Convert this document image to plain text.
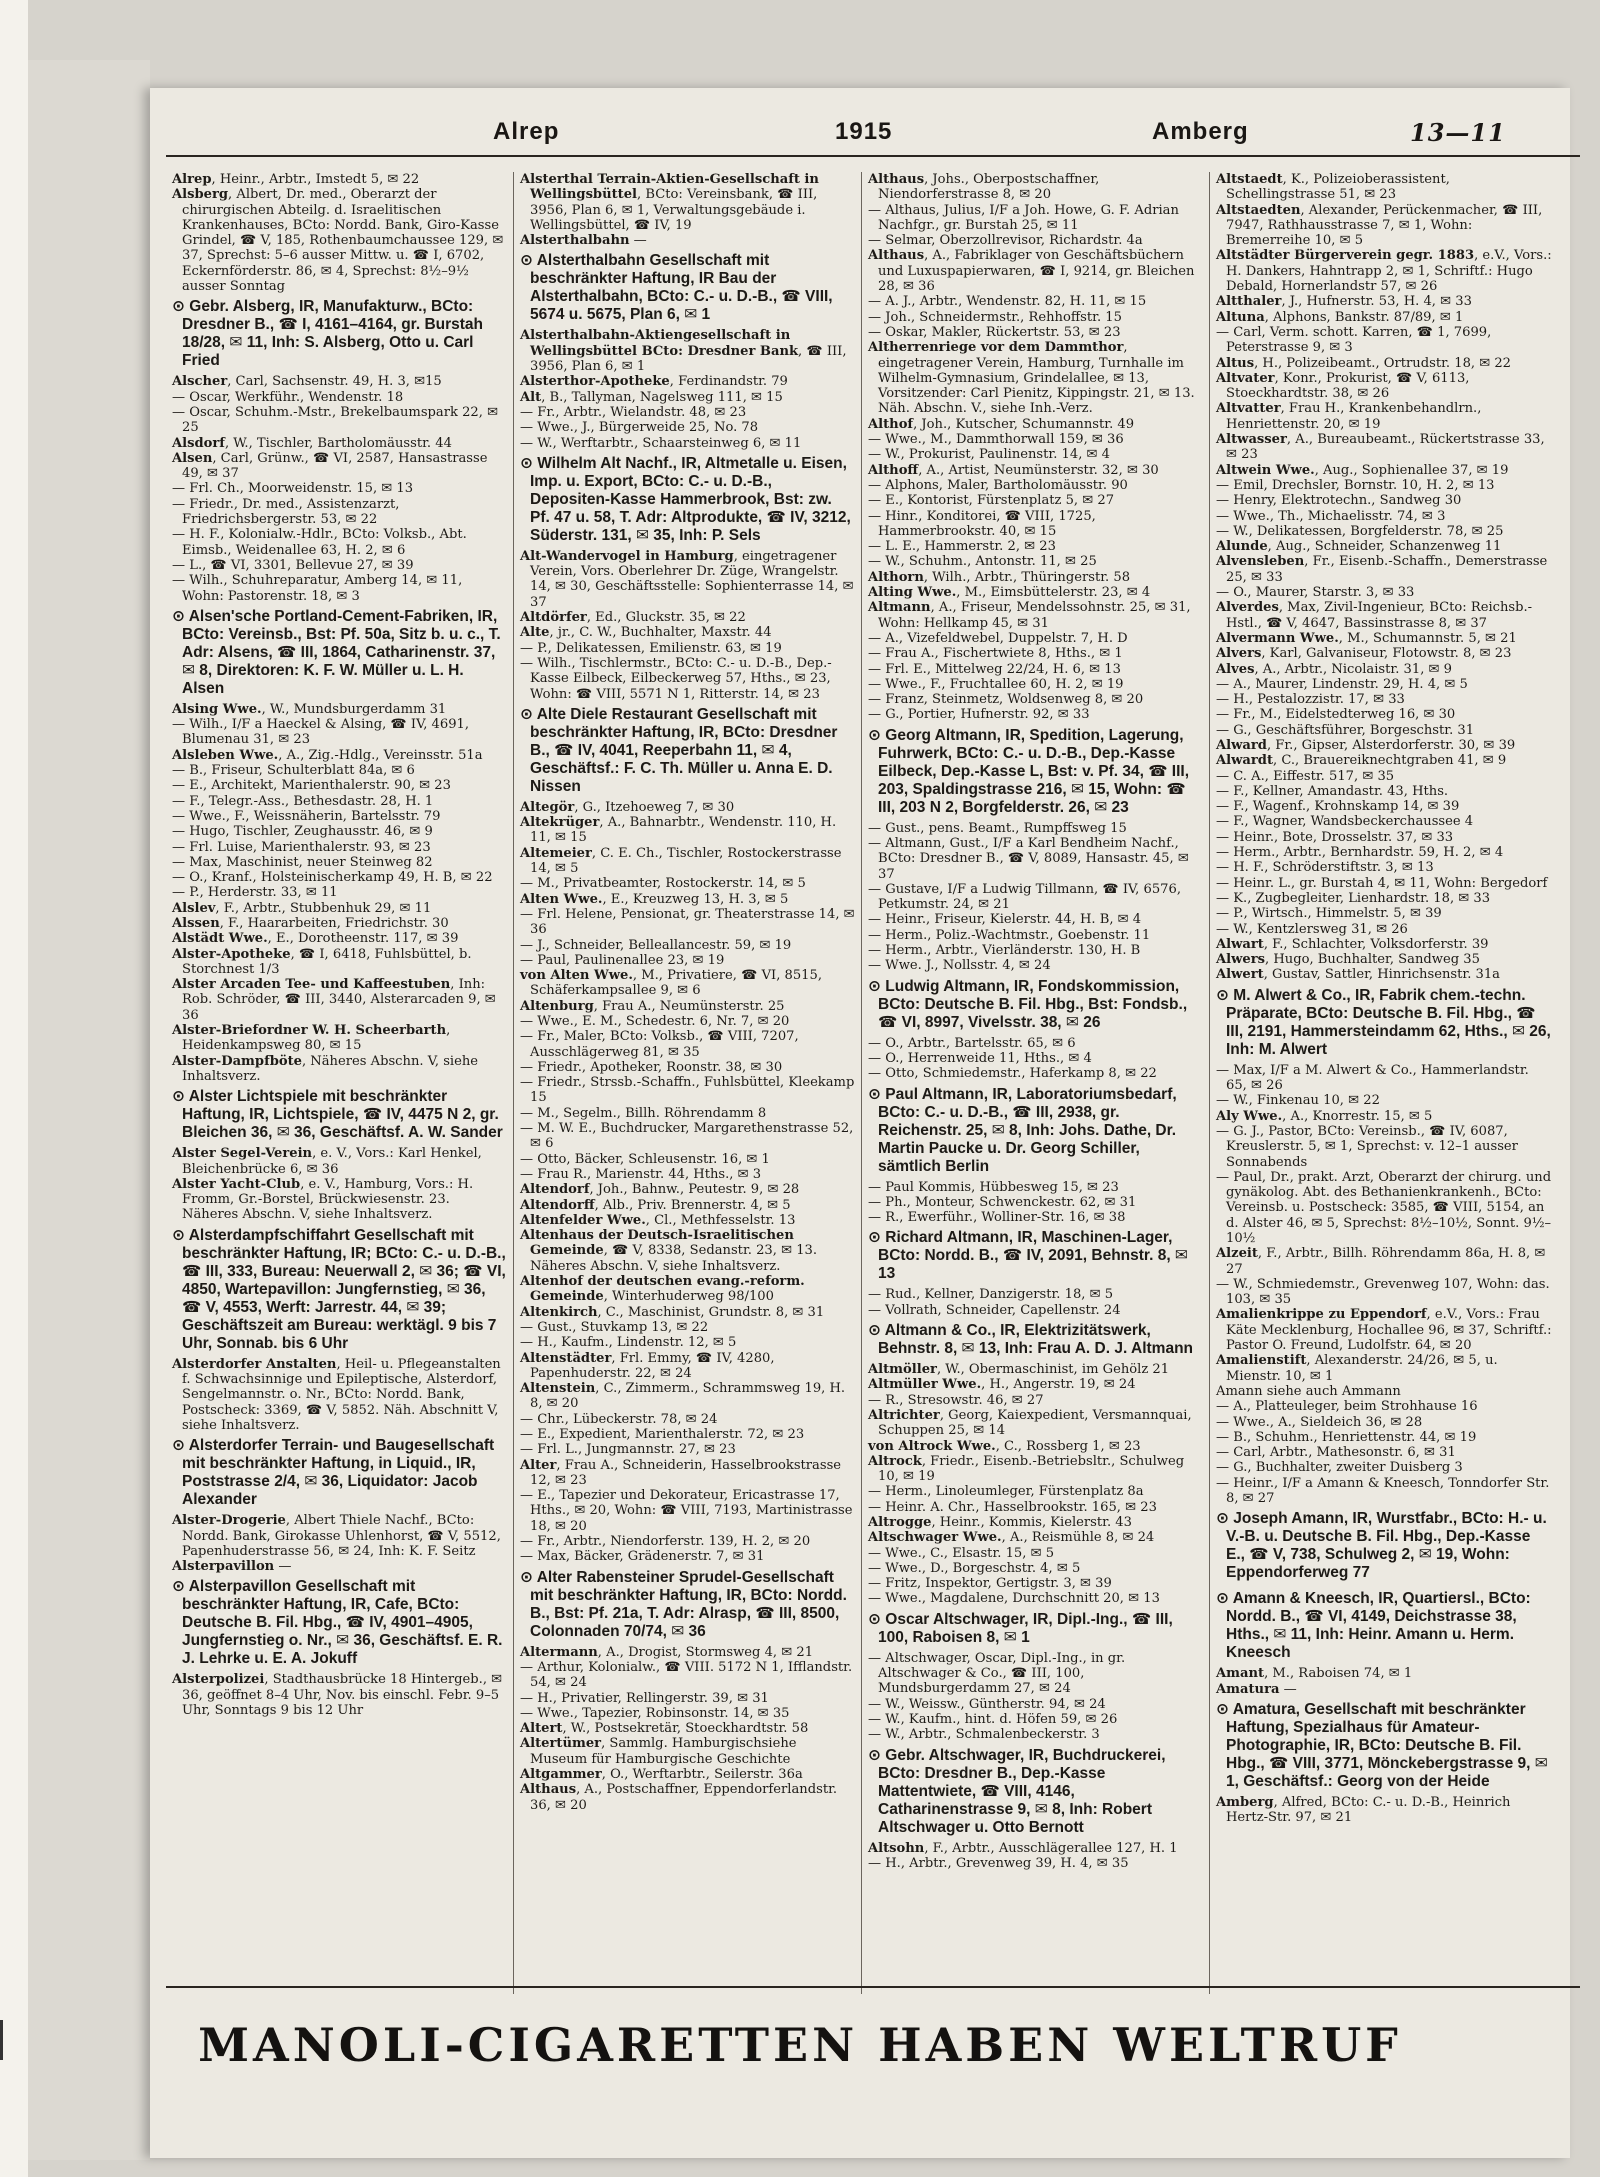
Alrep	1915	Amberg	13—11

Alrep, Heinr., Arbtr., Imstedt 5, ✉ 22

Alsberg, Albert, Dr. med., Oberarzt der chirurgischen Abteilg. d. Israelitischen Krankenhauses, BCto: Nordd. Bank, Giro-Kasse Grindel, ☎ V, 185, Rothenbaumchaussee 129, ✉ 37, Sprechst: 5–6 ausser Mittw. u. ☎ I, 6702, Eckernförderstr. 86, ✉ 4, Sprechst: 8½–9½ ausser Sonntag

⊙ Gebr. Alsberg, IR, Manufakturw., BCto: Dresdner B., ☎ I, 4161–4164, gr. Burstah 18/28, ✉ 11, Inh: S. Alsberg, Otto u. Carl Fried

Alscher, Carl, Sachsenstr. 49, H. 3, ✉15

— Oscar, Werkführ., Wendenstr. 18

— Oscar, Schuhm.-Mstr., Brekelbaumspark 22, ✉ 25

Alsdorf, W., Tischler, Bartholomäusstr. 44

Alsen, Carl, Grünw., ☎ VI, 2587, Hansastrasse 49, ✉ 37

— Frl. Ch., Moorweidenstr. 15, ✉ 13

— Friedr., Dr. med., Assistenzarzt, Friedrichsbergerstr. 53, ✉ 22

— H. F., Kolonialw.-Hdlr., BCto: Volksb., Abt. Eimsb., Weidenallee 63, H. 2, ✉ 6

— L., ☎ VI, 3301, Bellevue 27, ✉ 39

— Wilh., Schuhreparatur, Amberg 14, ✉ 11, Wohn: Pastorenstr. 18, ✉ 3

⊙ Alsen'sche Portland-Cement-Fabriken, IR, BCto: Vereinsb., Bst: Pf. 50a, Sitz b. u. c., T. Adr: Alsens, ☎ III, 1864, Catharinenstr. 37, ✉ 8, Direktoren: K. F. W. Müller u. L. H. Alsen

Alsing Wwe., W., Mundsburgerdamm 31

— Wilh., I/F a Haeckel & Alsing, ☎ IV, 4691, Blumenau 31, ✉ 23

Alsleben Wwe., A., Zig.-Hdlg., Vereinsstr. 51a

— B., Friseur, Schulterblatt 84a, ✉ 6

— E., Architekt, Marienthalerstr. 90, ✉ 23

— F., Telegr.-Ass., Bethesdastr. 28, H. 1

— Wwe., F., Weissnäherin, Bartelsstr. 79

— Hugo, Tischler, Zeughausstr. 46, ✉ 9

— Frl. Luise, Marienthalerstr. 93, ✉ 23

— Max, Maschinist, neuer Steinweg 82

— O., Kranf., Holsteinischerkamp 49, H. B, ✉ 22

— P., Herderstr. 33, ✉ 11

Alslev, F., Arbtr., Stubbenhuk 29, ✉ 11

Alssen, F., Haararbeiten, Friedrichstr. 30

Alstädt Wwe., E., Dorotheenstr. 117, ✉ 39

Alster-Apotheke, ☎ I, 6418, Fuhlsbüttel, b. Storchnest 1/3

Alster Arcaden Tee- und Kaffeestuben, Inh: Rob. Schröder, ☎ III, 3440, Alsterarcaden 9, ✉ 36

Alster-Briefordner W. H. Scheerbarth, Heidenkampsweg 80, ✉ 15

Alster-Dampfböte, Näheres Abschn. V, siehe Inhaltsverz.

⊙ Alster Lichtspiele mit beschränkter Haftung, IR, Lichtspiele, ☎ IV, 4475 N 2, gr. Bleichen 36, ✉ 36, Geschäftsf. A. W. Sander

Alster Segel-Verein, e. V., Vors.: Karl Henkel, Bleichenbrücke 6, ✉ 36

Alster Yacht-Club, e. V., Hamburg, Vors.: H. Fromm, Gr.-Borstel, Brückwiesenstr. 23. Näheres Abschn. V, siehe Inhaltsverz.

⊙ Alsterdampfschiffahrt Gesellschaft mit beschränkter Haftung, IR; BCto: C.- u. D.-B., ☎ III, 333, Bureau: Neuerwall 2, ✉ 36; ☎ VI, 4850, Wartepavillon: Jungfernstieg, ✉ 36, ☎ V, 4553, Werft: Jarrestr. 44, ✉ 39; Geschäftszeit am Bureau: werktägl. 9 bis 7 Uhr, Sonnab. bis 6 Uhr

Alsterdorfer Anstalten, Heil- u. Pflegeanstalten f. Schwachsinnige und Epileptische, Alsterdorf, Sengelmannstr. o. Nr., BCto: Nordd. Bank, Postscheck: 3369, ☎ V, 5852. Näh. Abschnitt V, siehe Inhaltsverz.

⊙ Alsterdorfer Terrain- und Baugesellschaft mit beschränkter Haftung, in Liquid., IR, Poststrasse 2/4, ✉ 36, Liquidator: Jacob Alexander

Alster-Drogerie, Albert Thiele Nachf., BCto: Nordd. Bank, Girokasse Uhlenhorst, ☎ V, 5512, Papenhuderstrasse 56, ✉ 24, Inh: K. F. Seitz

Alsterpavillon —

⊙ Alsterpavillon Gesellschaft mit beschränkter Haftung, IR, Cafe, BCto: Deutsche B. Fil. Hbg., ☎ IV, 4901–4905, Jungfernstieg o. Nr., ✉ 36, Geschäftsf. E. R. J. Lehrke u. E. A. Jokuff

Alsterpolizei, Stadthausbrücke 18 Hintergeb., ✉ 36, geöffnet 8–4 Uhr, Nov. bis einschl. Febr. 9–5 Uhr, Sonntags 9 bis 12 Uhr

Alsterthal Terrain-Aktien-Gesellschaft in Wellingsbüttel, BCto: Vereinsbank, ☎ III, 3956, Plan 6, ✉ 1, Verwaltungsgebäude i. Wellingsbüttel, ☎ IV, 19

Alsterthalbahn —

⊙ Alsterthalbahn Gesellschaft mit beschränkter Haftung, IR Bau der Alsterthalbahn, BCto: C.- u. D.-B., ☎ VIII, 5674 u. 5675, Plan 6, ✉ 1

Alsterthalbahn-Aktiengesellschaft in Wellingsbüttel BCto: Dresdner Bank, ☎ III, 3956, Plan 6, ✉ 1

Alsterthor-Apotheke, Ferdinandstr. 79

Alt, B., Tallyman, Nagelsweg 111, ✉ 15

— Fr., Arbtr., Wielandstr. 48, ✉ 23

— Wwe., J., Bürgerweide 25, No. 78

— W., Werftarbtr., Schaarsteinweg 6, ✉ 11

⊙ Wilhelm Alt Nachf., IR, Altmetalle u. Eisen, Imp. u. Export, BCto: C.- u. D.-B., Depositen-Kasse Hammerbrook, Bst: zw. Pf. 47 u. 58, T. Adr: Altprodukte, ☎ IV, 3212, Süderstr. 131, ✉ 35, Inh: P. Sels

Alt-Wandervogel in Hamburg, eingetragener Verein, Vors. Oberlehrer Dr. Züge, Wrangelstr. 14, ✉ 30, Geschäftsstelle: Sophienterrasse 14, ✉ 37

Altdörfer, Ed., Gluckstr. 35, ✉ 22

Alte, jr., C. W., Buchhalter, Maxstr. 44

— P., Delikatessen, Emilienstr. 63, ✉ 19

— Wilh., Tischlermstr., BCto: C.- u. D.-B., Dep.-Kasse Eilbeck, Eilbeckerweg 57, Hths., ✉ 23, Wohn: ☎ VIII, 5571 N 1, Ritterstr. 14, ✉ 23

⊙ Alte Diele Restaurant Gesellschaft mit beschränkter Haftung, IR, BCto: Dresdner B., ☎ IV, 4041, Reeperbahn 11, ✉ 4, Geschäftsf.: F. C. Th. Müller u. Anna E. D. Nissen

Altegör, G., Itzehoeweg 7, ✉ 30

Altekrüger, A., Bahnarbtr., Wendenstr. 110, H. 11, ✉ 15

Altemeier, C. E. Ch., Tischler, Rostockerstrasse 14, ✉ 5

— M., Privatbeamter, Rostockerstr. 14, ✉ 5

Alten Wwe., E., Kreuzweg 13, H. 3, ✉ 5

— Frl. Helene, Pensionat, gr. Theaterstrasse 14, ✉ 36

— J., Schneider, Belleallancestr. 59, ✉ 19

— Paul, Paulinenallee 23, ✉ 19

von Alten Wwe., M., Privatiere, ☎ VI, 8515, Schäferkampsallee 9, ✉ 6

Altenburg, Frau A., Neumünsterstr. 25

— Wwe., E. M., Schedestr. 6, Nr. 7, ✉ 20

— Fr., Maler, BCto: Volksb., ☎ VIII, 7207, Ausschlägerweg 81, ✉ 35

— Friedr., Apotheker, Roonstr. 38, ✉ 30

— Friedr., Strssb.-Schaffn., Fuhlsbüttel, Kleekamp 15

— M., Segelm., Billh. Röhrendamm 8

— M. W. E., Buchdrucker, Margarethenstrasse 52, ✉ 6

— Otto, Bäcker, Schleusenstr. 16, ✉ 1

— Frau R., Marienstr. 44, Hths., ✉ 3

Altendorf, Joh., Bahnw., Peutestr. 9, ✉ 28

Altendorff, Alb., Priv. Brennerstr. 4, ✉ 5

Altenfelder Wwe., Cl., Methfesselstr. 13

Altenhaus der Deutsch-Israelitischen Gemeinde, ☎ V, 8338, Sedanstr. 23, ✉ 13. Näheres Abschn. V, siehe Inhaltsverz.

Altenhof der deutschen evang.-reform. Gemeinde, Winterhuderweg 98/100

Altenkirch, C., Maschinist, Grundstr. 8, ✉ 31

— Gust., Stuvkamp 13, ✉ 22

— H., Kaufm., Lindenstr. 12, ✉ 5

Altenstädter, Frl. Emmy, ☎ IV, 4280, Papenhuderstr. 22, ✉ 24

Altenstein, C., Zimmerm., Schrammsweg 19, H. 8, ✉ 20

— Chr., Lübeckerstr. 78, ✉ 24

— E., Expedient, Marienthalerstr. 72, ✉ 23

— Frl. L., Jungmannstr. 27, ✉ 23

Alter, Frau A., Schneiderin, Hasselbrookstrasse 12, ✉ 23

— E., Tapezier und Dekorateur, Ericastrasse 17, Hths., ✉ 20, Wohn: ☎ VIII, 7193, Martinistrasse 18, ✉ 20

— Fr., Arbtr., Niendorferstr. 139, H. 2, ✉ 20

— Max, Bäcker, Grädenerstr. 7, ✉ 31

⊙ Alter Rabensteiner Sprudel-Gesellschaft mit beschränkter Haftung, IR, BCto: Nordd. B., Bst: Pf. 21a, T. Adr: Alrasp, ☎ III, 8500, Colonnaden 70/74, ✉ 36

Altermann, A., Drogist, Stormsweg 4, ✉ 21

— Arthur, Kolonialw., ☎ VIII. 5172 N 1, Ifflandstr. 54, ✉ 24

— H., Privatier, Rellingerstr. 39, ✉ 31

— Wwe., Tapezier, Robinsonstr. 14, ✉ 35

Altert, W., Postsekretär, Stoeckhardtstr. 58

Altertümer, Sammlg. Hamburgischsiehe Museum für Hamburgische Geschichte

Altgammer, O., Werftarbtr., Seilerstr. 36a

Althaus, A., Postschaffner, Eppendorferlandstr. 36, ✉ 20

Althaus, Johs., Oberpostschaffner, Niendorferstrasse 8, ✉ 20

— Althaus, Julius, I/F a Joh. Howe, G. F. Adrian Nachfgr., gr. Burstah 25, ✉ 11

— Selmar, Oberzollrevisor, Richardstr. 4a

Althaus, A., Fabriklager von Geschäftsbüchern und Luxuspapierwaren, ☎ I, 9214, gr. Bleichen 28, ✉ 36

— A. J., Arbtr., Wendenstr. 82, H. 11, ✉ 15

— Joh., Schneidermstr., Rehhoffstr. 15

— Oskar, Makler, Rückertstr. 53, ✉ 23

Altherrenriege vor dem Dammthor, eingetragener Verein, Hamburg, Turnhalle im Wilhelm-Gymnasium, Grindelallee, ✉ 13, Vorsitzender: Carl Pienitz, Kippingstr. 21, ✉ 13. Näh. Abschn. V., siehe Inh.-Verz.

Althof, Joh., Kutscher, Schumannstr. 49

— Wwe., M., Dammthorwall 159, ✉ 36

— W., Prokurist, Paulinenstr. 14, ✉ 4

Althoff, A., Artist, Neumünsterstr. 32, ✉ 30

— Alphons, Maler, Bartholomäusstr. 90

— E., Kontorist, Fürstenplatz 5, ✉ 27

— Hinr., Konditorei, ☎ VIII, 1725, Hammerbrookstr. 40, ✉ 15

— L. E., Hammerstr. 2, ✉ 23

— W., Schuhm., Antonstr. 11, ✉ 25

Althorn, Wilh., Arbtr., Thüringerstr. 58

Alting Wwe., M., Eimsbüttelerstr. 23, ✉ 4

Altmann, A., Friseur, Mendelssohnstr. 25, ✉ 31, Wohn: Hellkamp 45, ✉ 31

— A., Vizefeldwebel, Duppelstr. 7, H. D

— Frau A., Fischertwiete 8, Hths., ✉ 1

— Frl. E., Mittelweg 22/24, H. 6, ✉ 13

— Wwe., F., Fruchtallee 60, H. 2, ✉ 19

— Franz, Steinmetz, Woldsenweg 8, ✉ 20

— G., Portier, Hufnerstr. 92, ✉ 33

⊙ Georg Altmann, IR, Spedition, Lagerung, Fuhrwerk, BCto: C.- u. D.-B., Dep.-Kasse Eilbeck, Dep.-Kasse L, Bst: v. Pf. 34, ☎ III, 203, Spaldingstrasse 216, ✉ 15, Wohn: ☎ III, 203 N 2, Borgfelderstr. 26, ✉ 23

— Gust., pens. Beamt., Rumpffsweg 15

— Altmann, Gust., I/F a Karl Bendheim Nachf., BCto: Dresdner B., ☎ V, 8089, Hansastr. 45, ✉ 37

— Gustave, I/F a Ludwig Tillmann, ☎ IV, 6576, Petkumstr. 24, ✉ 21

— Heinr., Friseur, Kielerstr. 44, H. B, ✉ 4

— Herm., Poliz.-Wachtmstr., Goebenstr. 11

— Herm., Arbtr., Vierländerstr. 130, H. B

— Wwe. J., Nollsstr. 4, ✉ 24

⊙ Ludwig Altmann, IR, Fondskommission, BCto: Deutsche B. Fil. Hbg., Bst: Fondsb., ☎ VI, 8997, Vivelsstr. 38, ✉ 26

— O., Arbtr., Bartelsstr. 65, ✉ 6

— O., Herrenweide 11, Hths., ✉ 4

— Otto, Schmiedemstr., Haferkamp 8, ✉ 22

⊙ Paul Altmann, IR, Laboratoriumsbedarf, BCto: C.- u. D.-B., ☎ III, 2938, gr. Reichenstr. 25, ✉ 8, Inh: Johs. Dathe, Dr. Martin Paucke u. Dr. Georg Schiller, sämtlich Berlin

— Paul Kommis, Hübbesweg 15, ✉ 23

— Ph., Monteur, Schwenckestr. 62, ✉ 31

— R., Ewerführ., Wolliner-Str. 16, ✉ 38

⊙ Richard Altmann, IR, Maschinen-Lager, BCto: Nordd. B., ☎ IV, 2091, Behnstr. 8, ✉ 13

— Rud., Kellner, Danzigerstr. 18, ✉ 5

— Vollrath, Schneider, Capellenstr. 24

⊙ Altmann & Co., IR, Elektrizitätswerk, Behnstr. 8, ✉ 13, Inh: Frau A. D. J. Altmann

Altmöller, W., Obermaschinist, im Gehölz 21

Altmüller Wwe., H., Angerstr. 19, ✉ 24

— R., Stresowstr. 46, ✉ 27

Altrichter, Georg, Kaiexpedient, Versmannquai, Schuppen 25, ✉ 14

von Altrock Wwe., C., Rossberg 1, ✉ 23

Altrock, Friedr., Eisenb.-Betriebsltr., Schulweg 10, ✉ 19

— Herm., Linoleumleger, Fürstenplatz 8a

— Heinr. A. Chr., Hasselbrookstr. 165, ✉ 23

Altrogge, Heinr., Kommis, Kielerstr. 43

Altschwager Wwe., A., Reismühle 8, ✉ 24

— Wwe., C., Elsastr. 15, ✉ 5

— Wwe., D., Borgeschstr. 4, ✉ 5

— Fritz, Inspektor, Gertigstr. 3, ✉ 39

— Wwe., Magdalene, Durchschnitt 20, ✉ 13

⊙ Oscar Altschwager, IR, Dipl.-Ing., ☎ III, 100, Raboisen 8, ✉ 1

— Altschwager, Oscar, Dipl.-Ing., in gr. Altschwager & Co., ☎ III, 100, Mundsburgerdamm 27, ✉ 24

— W., Weissw., Güntherstr. 94, ✉ 24

— W., Kaufm., hint. d. Höfen 59, ✉ 26

— W., Arbtr., Schmalenbeckerstr. 3

⊙ Gebr. Altschwager, IR, Buchdruckerei, BCto: Dresdner B., Dep.-Kasse Mattentwiete, ☎ VIII, 4146, Catharinenstrasse 9, ✉ 8, Inh: Robert Altschwager u. Otto Bernott

Altsohn, F., Arbtr., Ausschlägerallee 127, H. 1

— H., Arbtr., Grevenweg 39, H. 4, ✉ 35

Altstaedt, K., Polizeioberassistent, Schellingstrasse 51, ✉ 23

Altstaedten, Alexander, Perückenmacher, ☎ III, 7947, Rathhausstrasse 7, ✉ 1, Wohn: Bremerreihe 10, ✉ 5

Altstädter Bürgerverein gegr. 1883, e.V., Vors.: H. Dankers, Hahntrapp 2, ✉ 1, Schriftf.: Hugo Debald, Hornerlandstr 57, ✉ 26

Altthaler, J., Hufnerstr. 53, H. 4, ✉ 33

Altuna, Alphons, Bankstr. 87/89, ✉ 1

— Carl, Verm. schott. Karren, ☎ 1, 7699, Peterstrasse 9, ✉ 3

Altus, H., Polizeibeamt., Ortrudstr. 18, ✉ 22

Altvater, Konr., Prokurist, ☎ V, 6113, Stoeckhardtstr. 38, ✉ 26

Altvatter, Frau H., Krankenbehandlrn., Henriettenstr. 20, ✉ 19

Altwasser, A., Bureaubeamt., Rückertstrasse 33, ✉ 23

Altwein Wwe., Aug., Sophienallee 37, ✉ 19

— Emil, Drechsler, Bornstr. 10, H. 2, ✉ 13

— Henry, Elektrotechn., Sandweg 30

— Wwe., Th., Michaelisstr. 74, ✉ 3

— W., Delikatessen, Borgfelderstr. 78, ✉ 25

Alunde, Aug., Schneider, Schanzenweg 11

Alvensleben, Fr., Eisenb.-Schaffn., Demerstrasse 25, ✉ 33

— O., Maurer, Starstr. 3, ✉ 33

Alverdes, Max, Zivil-Ingenieur, BCto: Reichsb.-Hstl., ☎ V, 4647, Bassinstrasse 8, ✉ 37

Alvermann Wwe., M., Schumannstr. 5, ✉ 21

Alvers, Karl, Galvaniseur, Flotowstr. 8, ✉ 23

Alves, A., Arbtr., Nicolaistr. 31, ✉ 9

— A., Maurer, Lindenstr. 29, H. 4, ✉ 5

— H., Pestalozzistr. 17, ✉ 33

— Fr., M., Eidelstedterweg 16, ✉ 30

— G., Geschäftsführer, Borgeschstr. 31

Alward, Fr., Gipser, Alsterdorferstr. 30, ✉ 39

Alwardt, C., Brauereiknechtgraben 41, ✉ 9

— C. A., Eiffestr. 517, ✉ 35

— F., Kellner, Amandastr. 43, Hths.

— F., Wagenf., Krohnskamp 14, ✉ 39

— F., Wagner, Wandsbeckerchaussee 4

— Heinr., Bote, Drosselstr. 37, ✉ 33

— Herm., Arbtr., Bernhardstr. 59, H. 2, ✉ 4

— H. F., Schröderstiftstr. 3, ✉ 13

— Heinr. L., gr. Burstah 4, ✉ 11, Wohn: Bergedorf

— K., Zugbegleiter, Lienhardstr. 18, ✉ 33

— P., Wirtsch., Himmelstr. 5, ✉ 39

— W., Kentzlersweg 31, ✉ 26

Alwart, F., Schlachter, Volksdorferstr. 39

Alwers, Hugo, Buchhalter, Sandweg 35

Alwert, Gustav, Sattler, Hinrichsenstr. 31a

⊙ M. Alwert & Co., IR, Fabrik chem.-techn. Präparate, BCto: Deutsche B. Fil. Hbg., ☎ III, 2191, Hammersteindamm 62, Hths., ✉ 26, Inh: M. Alwert

— Max, I/F a M. Alwert & Co., Hammerlandstr. 65, ✉ 26

— W., Finkenau 10, ✉ 22

Aly Wwe., A., Knorrestr. 15, ✉ 5

— G. J., Pastor, BCto: Vereinsb., ☎ IV, 6087, Kreuslerstr. 5, ✉ 1, Sprechst: v. 12–1 ausser Sonnabends

— Paul, Dr., prakt. Arzt, Oberarzt der chirurg. und gynäkolog. Abt. des Bethanienkrankenh., BCto: Vereinsb. u. Postscheck: 3585, ☎ VIII, 5154, an d. Alster 46, ✉ 5, Sprechst: 8½–10½, Sonnt. 9½–10½

Alzeit, F., Arbtr., Billh. Röhrendamm 86a, H. 8, ✉ 27

— W., Schmiedemstr., Grevenweg 107, Wohn: das. 103, ✉ 35

Amalienkrippe zu Eppendorf, e.V., Vors.: Frau Käte Mecklenburg, Hochallee 96, ✉ 37, Schriftf.: Pastor O. Freund, Ludolfstr. 64, ✉ 20

Amalienstift, Alexanderstr. 24/26, ✉ 5, u. Mienstr. 10, ✉ 1

Amann siehe auch Ammann

— A., Platteuleger, beim Strohhause 16

— Wwe., A., Sieldeich 36, ✉ 28

— B., Schuhm., Henriettenstr. 44, ✉ 19

— Carl, Arbtr., Mathesonstr. 6, ✉ 31

— G., Buchhalter, zweiter Duisberg 3

— Heinr., I/F a Amann & Kneesch, Tonndorfer Str. 8, ✉ 27

⊙ Joseph Amann, IR, Wurstfabr., BCto: H.- u. V.-B. u. Deutsche B. Fil. Hbg., Dep.-Kasse E., ☎ V, 738, Schulweg 2, ✉ 19, Wohn: Eppendorferweg 77

⊙ Amann & Kneesch, IR, Quartiersl., BCto: Nordd. B., ☎ VI, 4149, Deichstrasse 38, Hths., ✉ 11, Inh: Heinr. Amann u. Herm. Kneesch

Amant, M., Raboisen 74, ✉ 1

Amatura —

⊙ Amatura, Gesellschaft mit beschränkter Haftung, Spezialhaus für Amateur-Photographie, IR, BCto: Deutsche B. Fil. Hbg., ☎ VIII, 3771, Mönckebergstrasse 9, ✉ 1, Geschäftsf.: Georg von der Heide

Amberg, Alfred, BCto: C.- u. D.-B., Heinrich Hertz-Str. 97, ✉ 21

MANOLI-CIGARETTEN HABEN WELTRUF
